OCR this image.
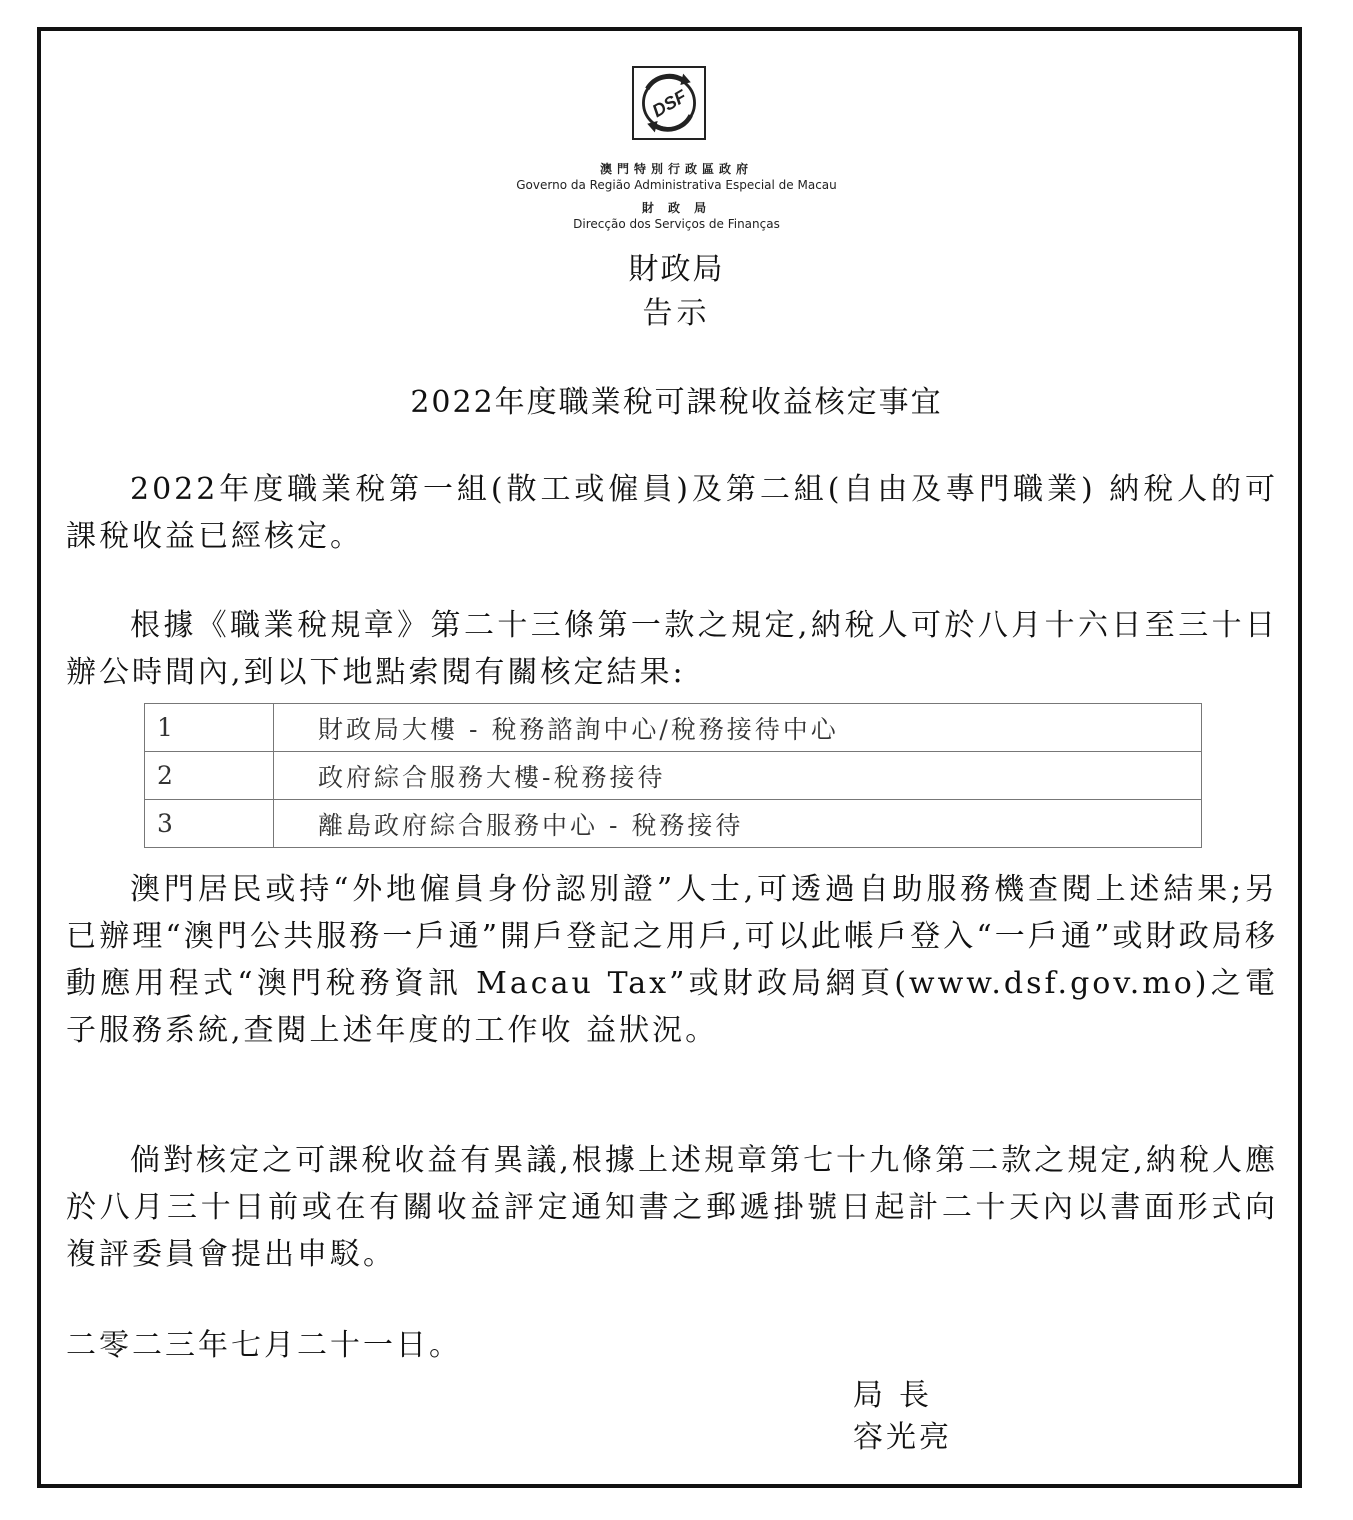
DSF
澳門特別行政區政府
Governo da Região Administrativa Especial de Macau
財 政 局
Direcção dos Serviços de Finanças
財政局
告示
2022年度職業稅可課稅收益核定事宜

2022年度職業稅第一組(散工或僱員)及第二組(自由及專門職業) 納稅人的可課稅收益已經核定。

根據《職業稅規章》第二十三條第一款之規定,納稅人可於八月十六日至三十日辦公時間內,到以下地點索閱有關核定結果:

1	財政局大樓 - 稅務諮詢中心/稅務接待中心
2	政府綜合服務大樓-稅務接待
3	離島政府綜合服務中心 - 稅務接待

澳門居民或持“外地僱員身份認別證”人士,可透過自助服務機查閱上述結果;另已辦理“澳門公共服務一戶通”開戶登記之用戶,可以此帳戶登入“一戶通”或財政局移動應用程式“澳門稅務資訊 Macau Tax”或財政局網頁(www.dsf.gov.mo)之電子服務系統,查閱上述年度的工作收 益狀況。

倘對核定之可課稅收益有異議,根據上述規章第七十九條第二款之規定,納稅人應於八月三十日前或在有關收益評定通知書之郵遞掛號日起計二十天內以書面形式向複評委員會提出申駁。

二零二三年七月二十一日。
局長
容光亮
